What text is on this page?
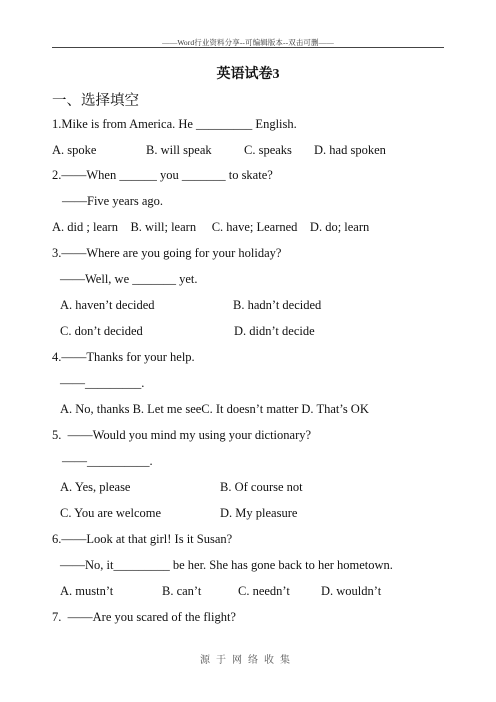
——Word行业资料分享--可编辑版本--双击可删——
英语试卷3
一、选择填空
1.Mike is from America. He _________ English.
A. spoke	B. will speak	C. speaks D. had spoken
2.——When ______ you _______ to skate?
——Five years ago.
A. did ; learn    B. will; learn     C. have; Learned    D. do; learn
3.——Where are you going for your holiday?
——Well, we _______ yet.
A. haven’t decided	B. hadn’t decided
C. don’t decided	D. didn’t decide
4.——Thanks for your help.
——_________.
A. No, thanks B. Let me seeC. It doesn’t matter D. That’s OK
5.  ——Would you mind my using your dictionary?
——__________.
A. Yes, please	B. Of course not
C. You are welcome	D. My pleasure
6.——Look at that girl! Is it Susan?
——No, it_________ be her. She has gone back to her hometown.
A. mustn’t	B. can’t	C. needn’t D. wouldn’t
7.  ——Are you scared of the flight?
源于网络收集
